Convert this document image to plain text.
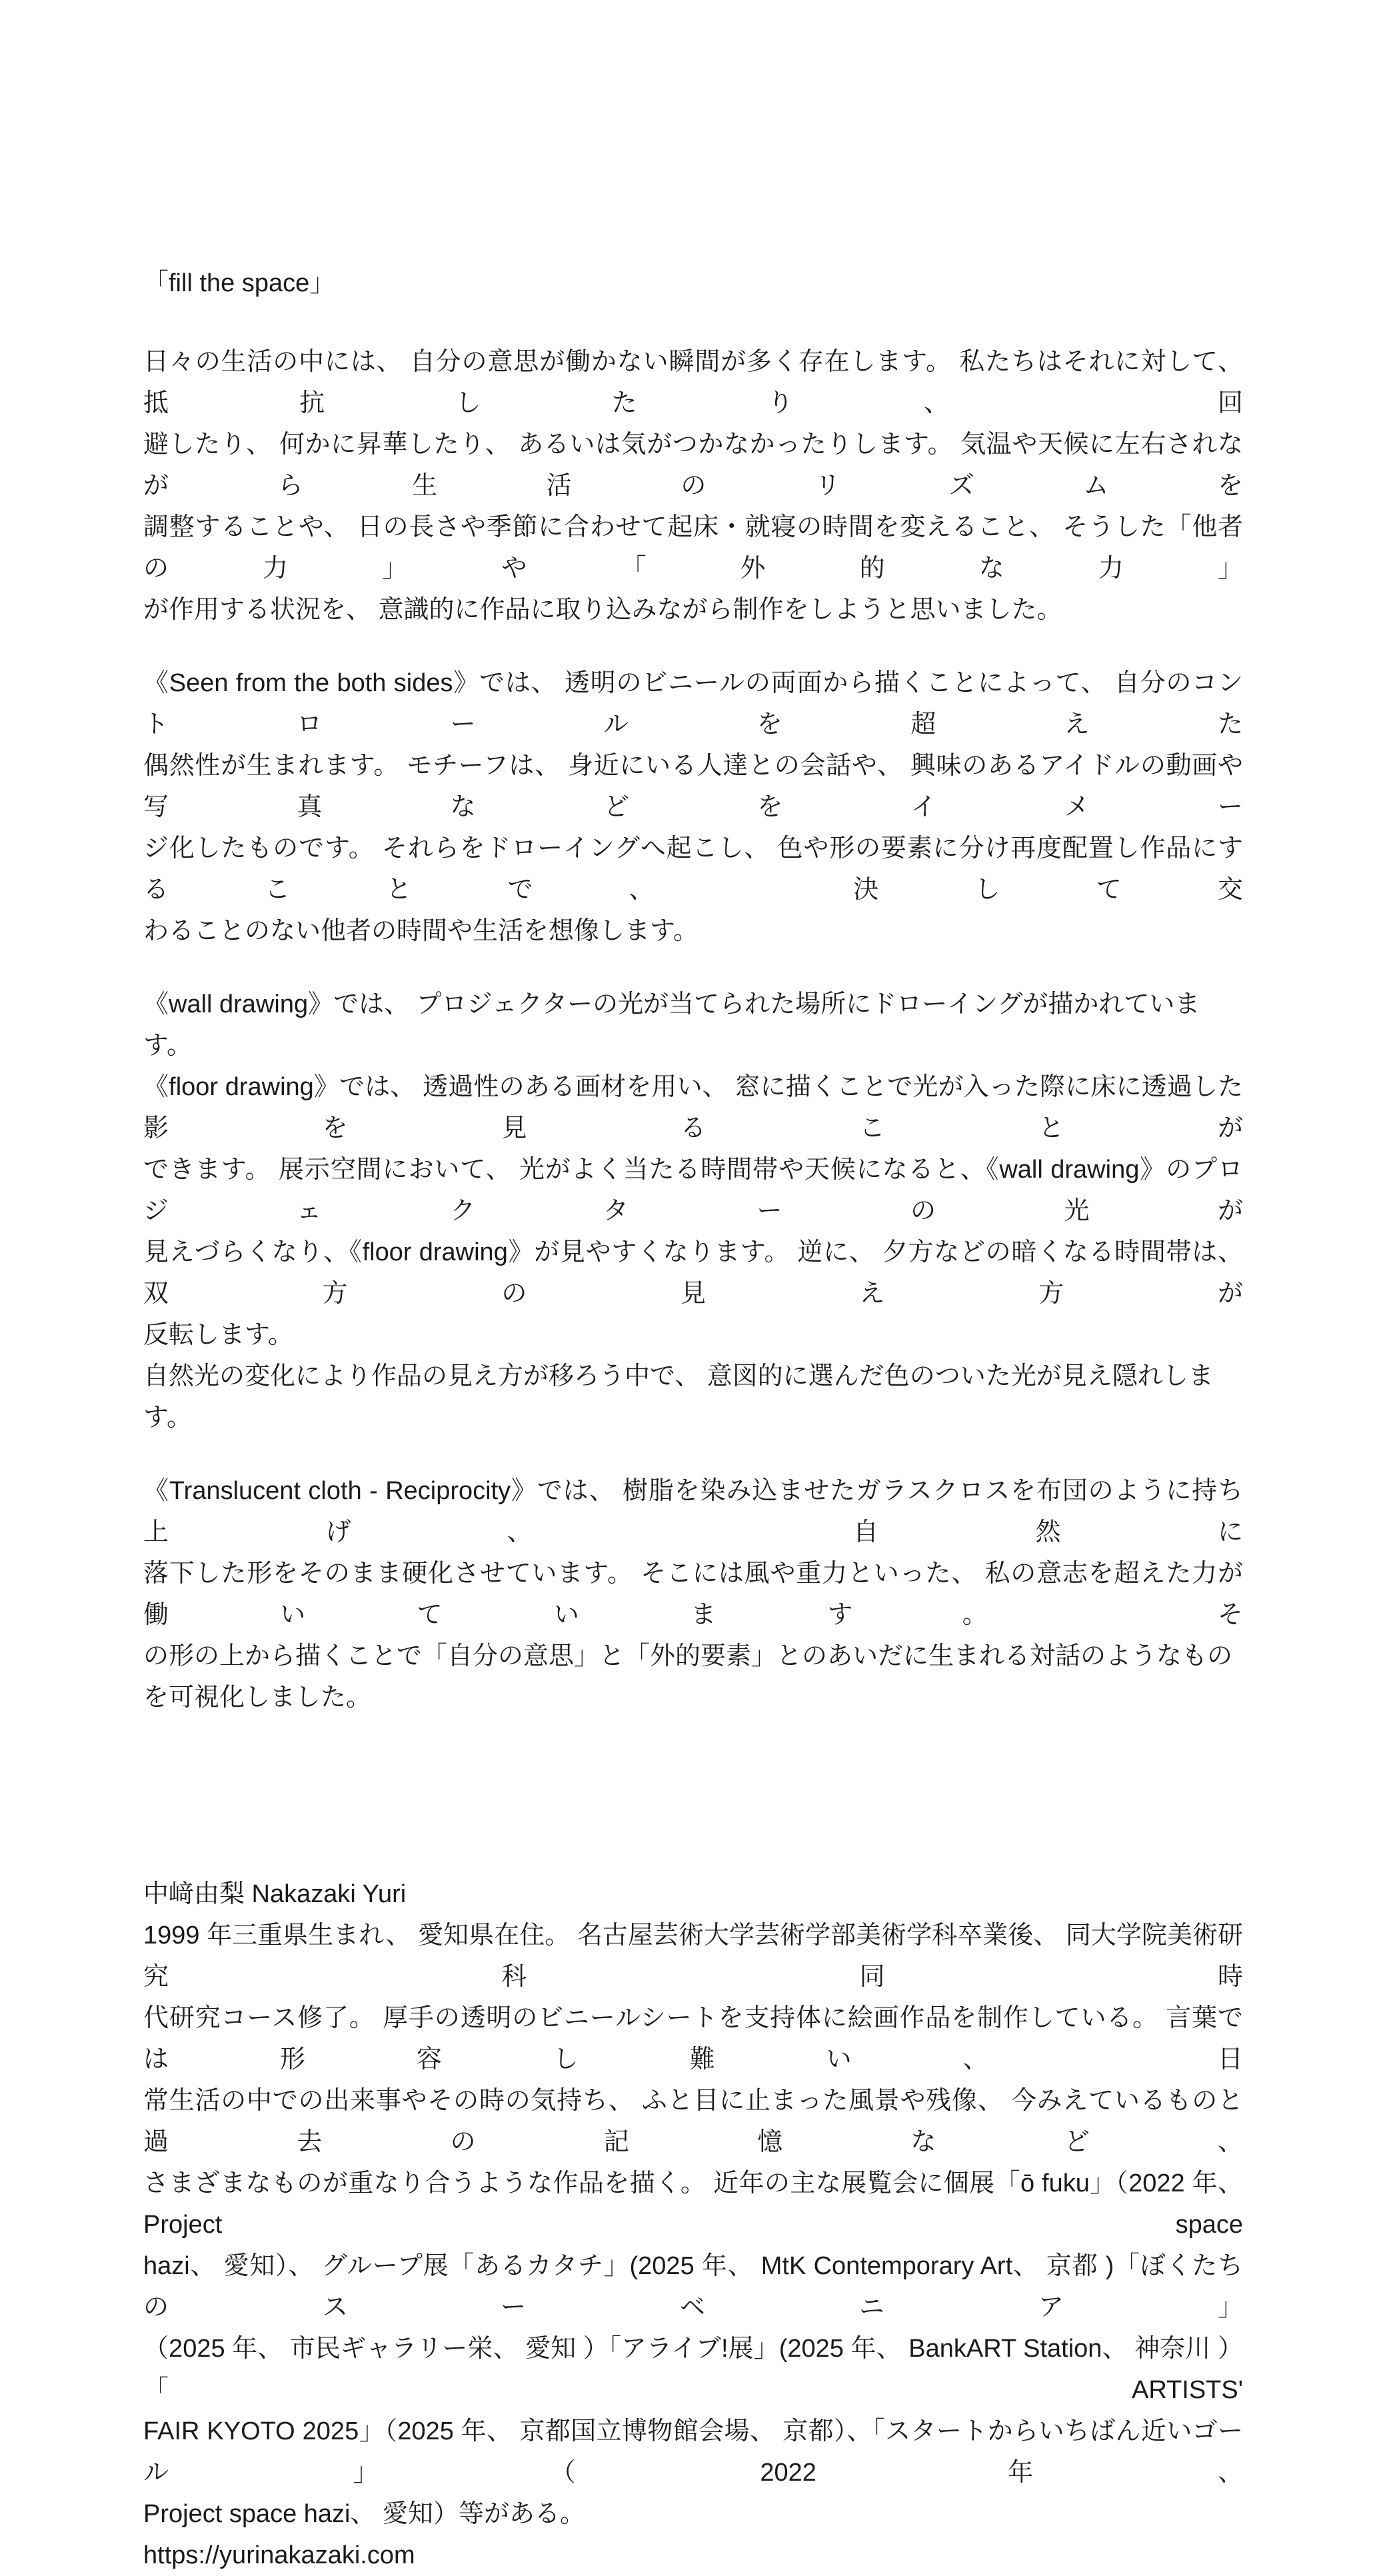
「fill the space」
日々の生活の中には、 自分の意思が働かない瞬間が多く存在します。 私たちはそれに対して、 抵抗したり、 回
避したり、 何かに昇華したり、 あるいは気がつかなかったりします。 気温や天候に左右されながら生活のリズムを
調整することや、 日の長さや季節に合わせて起床・就寝の時間を変えること、 そうした「他者の力」や「外的な力」
が作用する状況を、 意識的に作品に取り込みながら制作をしようと思いました。
《Seen from the both sides》では、 透明のビニールの両面から描くことによって、 自分のコントロールを超えた
偶然性が生まれます。 モチーフは、 身近にいる人達との会話や、 興味のあるアイドルの動画や写真などをイメー
ジ化したものです。 それらをドローイングへ起こし、 色や形の要素に分け再度配置し作品にすることで、 決して交
わることのない他者の時間や生活を想像します。
《wall drawing》では、 プロジェクターの光が当てられた場所にドローイングが描かれています。
《floor drawing》では、 透過性のある画材を用い、 窓に描くことで光が入った際に床に透過した影を見ることが
できます。 展示空間において、 光がよく当たる時間帯や天候になると、《wall drawing》のプロジェクターの光が
見えづらくなり、《floor drawing》が見やすくなります。 逆に、 夕方などの暗くなる時間帯は、 双方の見え方が
反転します。
自然光の変化により作品の見え方が移ろう中で、 意図的に選んだ色のついた光が見え隠れします。
《Translucent cloth - Reciprocity》では、 樹脂を染み込ませたガラスクロスを布団のように持ち上げ、 自然に
落下した形をそのまま硬化させています。 そこには風や重力といった、 私の意志を超えた力が働いています。 そ
の形の上から描くことで「自分の意思」と「外的要素」とのあいだに生まれる対話のようなものを可視化しました。
中﨑由梨 Nakazaki Yuri
1999 年三重県生まれ、 愛知県在住。 名古屋芸術大学芸術学部美術学科卒業後、 同大学院美術研究科同時
代研究コース修了。 厚手の透明のビニールシートを支持体に絵画作品を制作している。 言葉では形容し難い、 日
常生活の中での出来事やその時の気持ち、 ふと目に止まった風景や残像、 今みえているものと過去の記憶など、
さまざまなものが重なり合うような作品を描く。 近年の主な展覧会に個展「ō fuku」（2022 年、 Project space
hazi、 愛知）、 グループ展「あるカタチ」(2025 年、 MtK Contemporary Art、 京都 )「ぼくたちのスーベニア」
（2025 年、 市民ギャラリー栄、 愛知 ）「アライブ!展」(2025 年、 BankART Station、 神奈川 ）「ARTISTS'
FAIR KYOTO 2025」（2025 年、 京都国立博物館会場、 京都）、「スタートからいちばん近いゴール」（2022 年、
Project space hazi、 愛知）等がある。
https://yurinakazaki.com
